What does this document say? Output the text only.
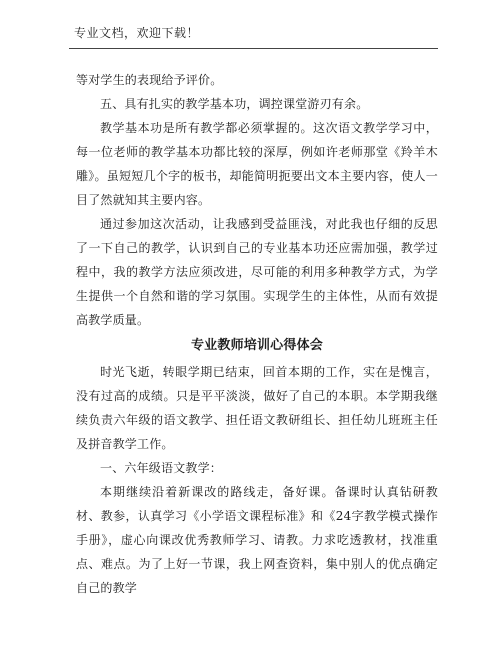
专业文档，欢迎下载！

等对学生的表现给予评价。

五、具有扎实的教学基本功，调控课堂游刃有余。

教学基本功是所有教学都必须掌握的。这次语文教学学习中，每一位老师的教学基本功都比较的深厚，例如许老师那堂《羚羊木雕》。虽短短几个字的板书，却能简明扼要出文本主要内容，使人一目了然就知其主要内容。

通过参加这次活动，让我感到受益匪浅，对此我也仔细的反思了一下自己的教学，认识到自己的专业基本功还应需加强，教学过程中，我的教学方法应须改进，尽可能的利用多种教学方式，为学生提供一个自然和谐的学习氛围。实现学生的主体性，从而有效提高教学质量。

专业教师培训心得体会

时光飞逝，转眼学期已结束，回首本期的工作，实在是愧言，没有过高的成绩。只是平平淡淡，做好了自己的本职。本学期我继续负责六年级的语文教学、担任语文教研组长、担任幼儿班班主任及拼音教学工作。

一、六年级语文教学：

本期继续沿着新课改的路线走，备好课。备课时认真钻研教材、教参，认真学习《小学语文课程标准》和《24字教学模式操作手册》，虚心向课改优秀教师学习、请教。力求吃透教材，找准重点、难点。为了上好一节课，我上网查资料，集中别人的优点确定自己的教学
